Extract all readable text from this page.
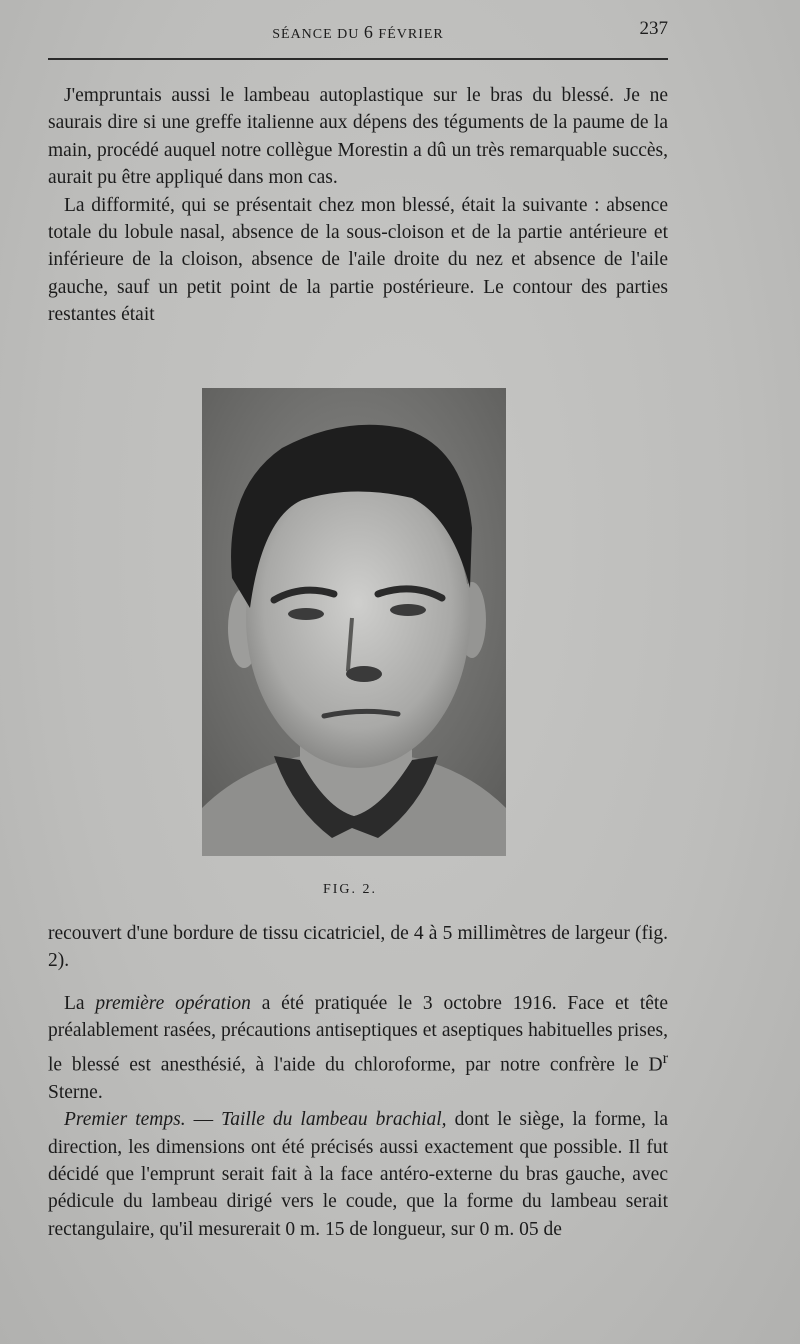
SÉANCE DU 6 FÉVRIER	237

J'empruntais aussi le lambeau autoplastique sur le bras du blessé. Je ne saurais dire si une greffe italienne aux dépens des téguments de la paume de la main, procédé auquel notre collègue Morestin a dû un très remarquable succès, aurait pu être appliqué dans mon cas.

La difformité, qui se présentait chez mon blessé, était la suivante : absence totale du lobule nasal, absence de la sous-cloison et de la partie antérieure et inférieure de la cloison, absence de l'aile droite du nez et absence de l'aile gauche, sauf un petit point de la partie postérieure. Le contour des parties restantes était

FIG. 2.

recouvert d'une bordure de tissu cicatriciel, de 4 à 5 millimètres de largeur (fig. 2).

La première opération a été pratiquée le 3 octobre 1916. Face et tête préalablement rasées, précautions antiseptiques et aseptiques habituelles prises, le blessé est anesthésié, à l'aide du chloroforme, par notre confrère le $D^r$ Sterne.

Premier temps. — Taille du lambeau brachial, dont le siège, la forme, la direction, les dimensions ont été précisés aussi exactement que possible. Il fut décidé que l'emprunt serait fait à la face antéro-externe du bras gauche, avec pédicule du lambeau dirigé vers le coude, que la forme du lambeau serait rectangulaire, qu'il mesurerait 0 m. 15 de longueur, sur 0 m. 05 de
